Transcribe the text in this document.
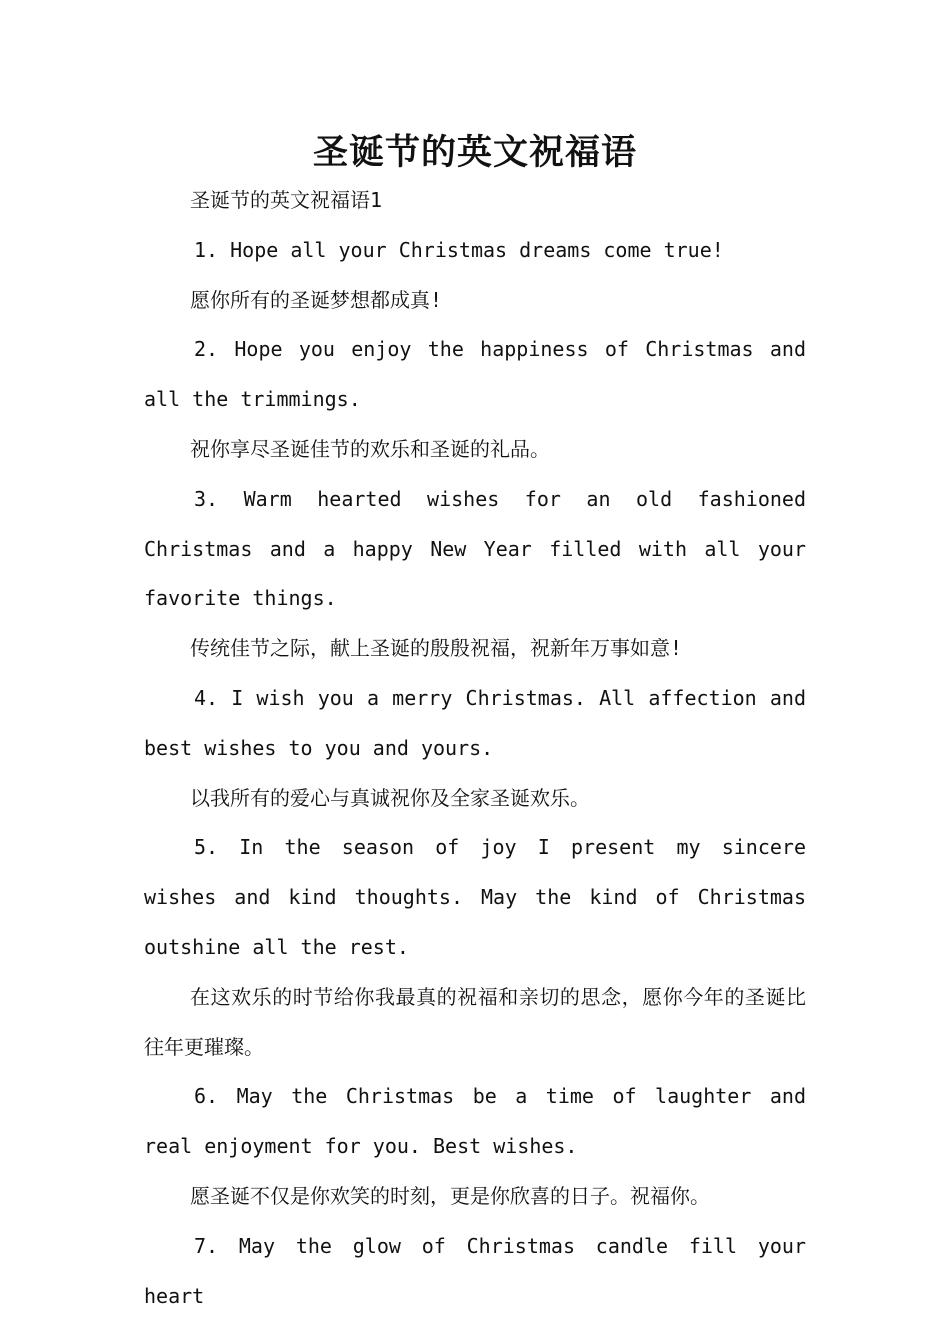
圣诞节的英文祝福语

圣诞节的英文祝福语1

1. Hope all your Christmas dreams come true!

愿你所有的圣诞梦想都成真!

2. Hope you enjoy the happiness of Christmas and all the trimmings.

祝你享尽圣诞佳节的欢乐和圣诞的礼品。

3. Warm hearted wishes for an old fashioned Christmas and a happy New Year filled with all your favorite things.

传统佳节之际，献上圣诞的殷殷祝福，祝新年万事如意!

4. I wish you a merry Christmas. All affection and best wishes to you and yours.

以我所有的爱心与真诚祝你及全家圣诞欢乐。

5. In the season of joy I present my sincere wishes and kind thoughts. May the kind of Christmas outshine all the rest.

在这欢乐的时节给你我最真的祝福和亲切的思念，愿你今年的圣诞比往年更璀璨。

6. May the Christmas be a time of laughter and real enjoyment for you. Best wishes.

愿圣诞不仅是你欢笑的时刻，更是你欣喜的日子。祝福你。

7. May the glow of Christmas candle fill your heart
